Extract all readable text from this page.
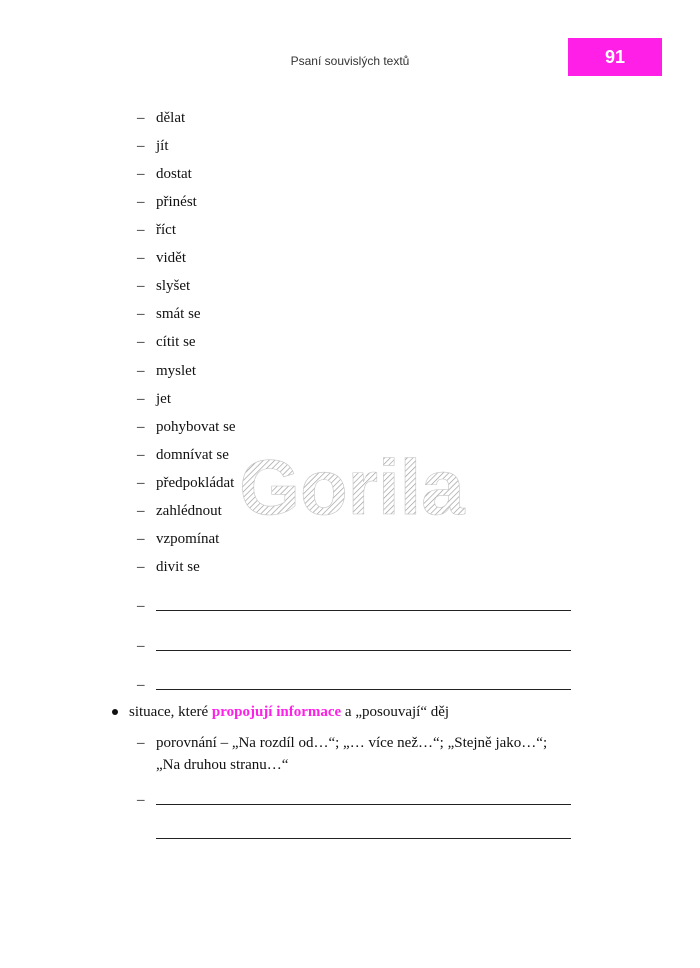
Psaní souvislých textů	91
– dělat
– jít
– dostat
– přinést
– říct
– vidět
– slyšet
– smát se
– cítit se
– myslet
– jet
– pohybovat se
– domnívat se
– předpokládat
– zahlédnout
– vzpomínat
– divit se
–
–
–
situace, které propojují informace a „posouvají“ děj
– porovnání – „Na rozdíl od…“; „… více než…“; „Stejně jako…“; „Na druhou stranu…“
–
Gorila
